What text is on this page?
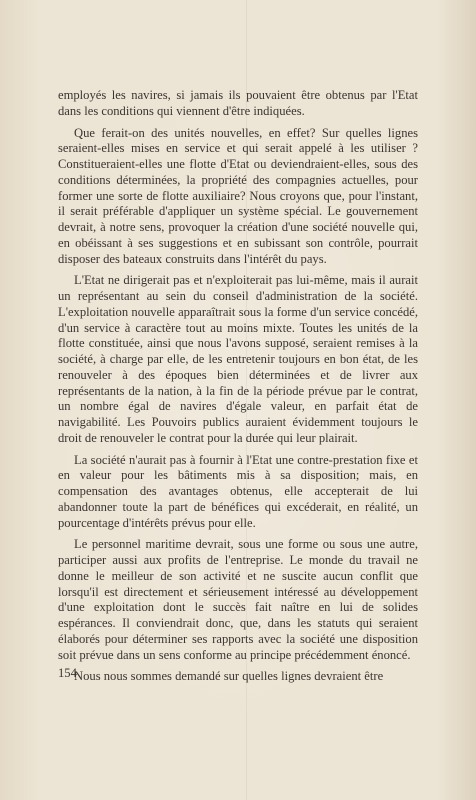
employés les navires, si jamais ils pouvaient être obtenus par l'Etat dans les conditions qui viennent d'être indiquées.

Que ferait-on des unités nouvelles, en effet? Sur quelles lignes seraient-elles mises en service et qui serait appelé à les utiliser ? Constitueraient-elles une flotte d'Etat ou deviendraient-elles, sous des conditions déterminées, la propriété des compagnies actuelles, pour former une sorte de flotte auxiliaire? Nous croyons que, pour l'instant, il serait préférable d'appliquer un système spécial. Le gouvernement devrait, à notre sens, provoquer la création d'une société nouvelle qui, en obéissant à ses suggestions et en subissant son contrôle, pourrait disposer des bateaux construits dans l'intérêt du pays.

L'Etat ne dirigerait pas et n'exploiterait pas lui-même, mais il aurait un représentant au sein du conseil d'administration de la société. L'exploitation nouvelle apparaîtrait sous la forme d'un service concédé, d'un service à caractère tout au moins mixte. Toutes les unités de la flotte constituée, ainsi que nous l'avons supposé, seraient remises à la société, à charge par elle, de les entretenir toujours en bon état, de les renouveler à des époques bien déterminées et de livrer aux représentants de la nation, à la fin de la période prévue par le contrat, un nombre égal de navires d'égale valeur, en parfait état de navigabilité. Les Pouvoirs publics auraient évidemment toujours le droit de renouveler le contrat pour la durée qui leur plairait.

La société n'aurait pas à fournir à l'Etat une contre-prestation fixe et en valeur pour les bâtiments mis à sa disposition; mais, en compensation des avantages obtenus, elle accepterait de lui abandonner toute la part de bénéfices qui excéderait, en réalité, un pourcentage d'intérêts prévus pour elle.

Le personnel maritime devrait, sous une forme ou sous une autre, participer aussi aux profits de l'entreprise. Le monde du travail ne donne le meilleur de son activité et ne suscite aucun conflit que lorsqu'il est directement et sérieusement intéressé au développement d'une exploitation dont le succès fait naître en lui de solides espérances. Il conviendrait donc, que, dans les statuts qui seraient élaborés pour déterminer ses rapports avec la société une disposition soit prévue dans un sens conforme au principe précédemment énoncé.

Nous nous sommes demandé sur quelles lignes devraient être

154
